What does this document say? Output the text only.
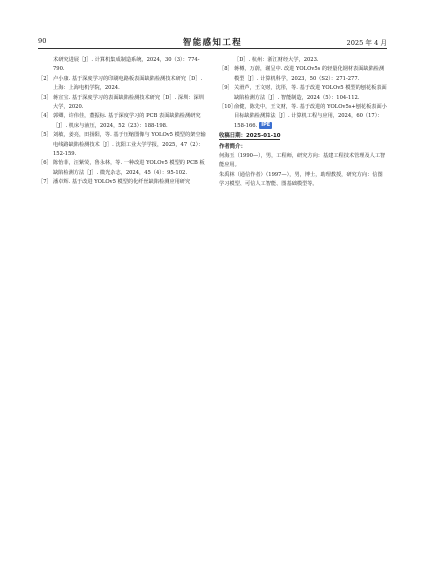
90	智能感知工程	2025 年 4 月

术研究进展［J］. 计算机集成制造系统，2024，30（3）：774-790.

［2］ 卢小康. 基于深度学习的印刷电路板表面缺陷检测技术研究［D］. 上海：上海电机学院，2024.
［3］ 蒋宣宝. 基于深度学习的表面缺陷检测技术研究［D］. 深圳：深圳大学，2020.
［4］ 郭卿，许伟佳，董振标. 基于深度学习的 PCB 表面缺陷检测研究［J］. 机床与液压，2024，52（23）：188-198.
［5］ 刘敏，姜亮，田扬阳，等. 基于压缩图像与 YOLOv5 模型的架空输电线路缺陷检测技术［J］. 沈阳工业大学学报，2025，47（2）：152-159.
［6］ 陈怡菲，汪紫荧，鲁永林，等. 一种改进 YOLOv5 模型的 PCB 板缺陷检测方法［J］. 微光杂志，2024，45（4）：95-102.
［7］ 潘卓辉. 基于改进 YOLOv5 模型的化纤丝缺陷检测应用研究

［D］. 杭州：浙江财经大学，2023.

［8］ 蒋樽，万蔚，谢呈中. 改进 YOLOv5s 的轻量化钢材表面缺陷检测模型［J］. 计算机科学，2023，50（S2）：271-277.
［9］ 关滑芦，王文财，沈彤，等. 基于改进 YOLOv5 模型的刨花板表面缺陷检测方法［J］. 智能制造，2024（5）：104-112.
［10］
俞健，陈先中，王文财，等. 基于改进的 YOLOv5s+刨花板表面小目标缺陷检测算法［J］. 计算机工程与应用，2024，60（17）：158-166. IPE
收稿日期：2025-01-10
作者简介：

何海玉（1990—），男，工程师，研究方向：基建工程技术管理及人工智能应用。

朱禹林（通信作者）（1997—），男，博士，助理教授，研究方向：信图学习模型、可信人工智能、图基础模型等。
